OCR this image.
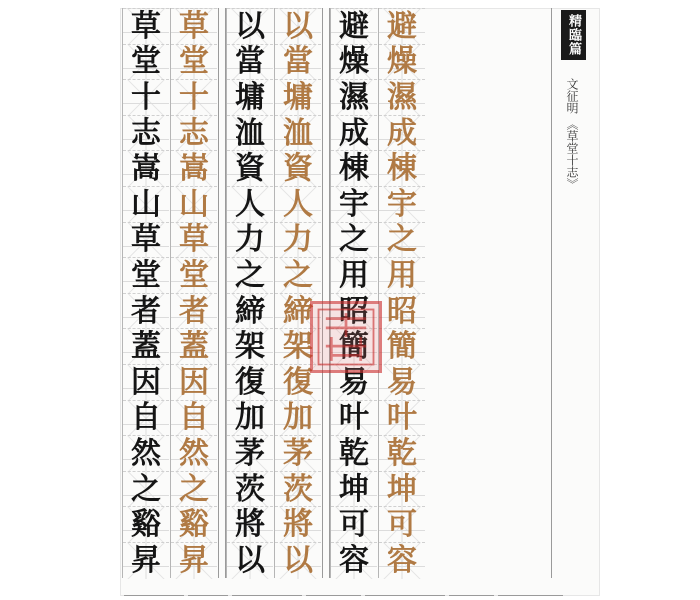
草
堂
十
志
嵩
山
草
堂
者
蓋
因
自
然
之
谿
昇
草
堂
十
志
嵩
山
草
堂
者
蓋
因
自
然
之
谿
昇
以
當
墉
洫
資
人
力
之
締
架
復
加
茅
茨
將
以
以
當
墉
洫
資
人
力
之
締
架
復
加
茅
茨
將
以
避
燥
濕
成
棟
宇
之
用
昭
簡
易
叶
乾
坤
可
容
避
燥
濕
成
棟
宇
之
用
昭
簡
易
叶
乾
坤
可
容
精臨篇
文征明
《草堂十志》
